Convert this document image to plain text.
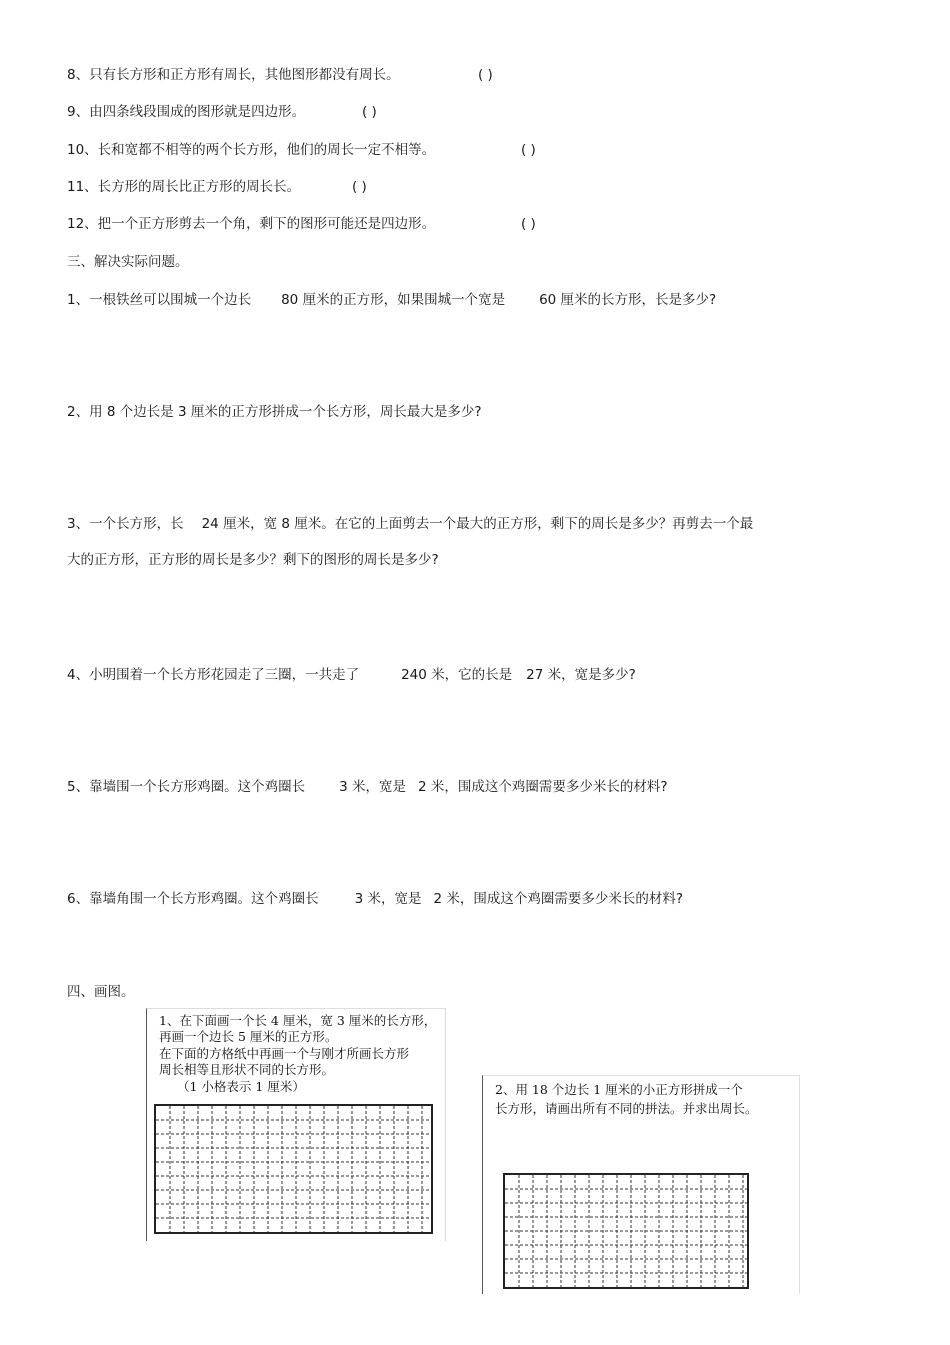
8、只有长方形和正方形有周长，其他图形都没有周长。	( )
9、由四条线段围成的图形就是四边形。	( )
10、长和宽都不相等的两个长方形，他们的周长一定不相等。	( )
11、长方形的周长比正方形的周长长。	( )
12、把一个正方形剪去一个角，剩下的图形可能还是四边形。	( )
三、解决实际问题。
1、一根铁丝可以围城一个边长 80 厘米的正方形，如果围城一个宽是	60 厘米的长方形，长是多少?
2、用 8 个边长是 3 厘米的正方形拼成一个长方形，周长最大是多少?
3、一个长方形，长 24 厘米，宽 8 厘米。在它的上面剪去一个最大的正方形，剩下的周长是多少？再剪去一个最
大的正方形，正方形的周长是多少？剩下的图形的周长是多少?
4、小明围着一个长方形花园走了三圈，一共走了	240 米，它的长是 27 米，宽是多少?
5、靠墙围一个长方形鸡圈。这个鸡圈长	3 米，宽是 2 米，围成这个鸡圈需要多少米长的材料?
6、靠墙角围一个长方形鸡圈。这个鸡圈长	3 米，宽是 2 米，围成这个鸡圈需要多少米长的材料?
四、画图。
1、在下面画一个长 4 厘米，宽 3 厘米的长方形，
再画一个边长 5 厘米的正方形。
在下面的方格纸中再画一个与刚才所画长方形
周长相等且形状不同的长方形。
（1 小格表示 1 厘米）	2、用 18 个边长 1 厘米的小正方形拼成一个
长方形，请画出所有不同的拼法。并求出周长。
